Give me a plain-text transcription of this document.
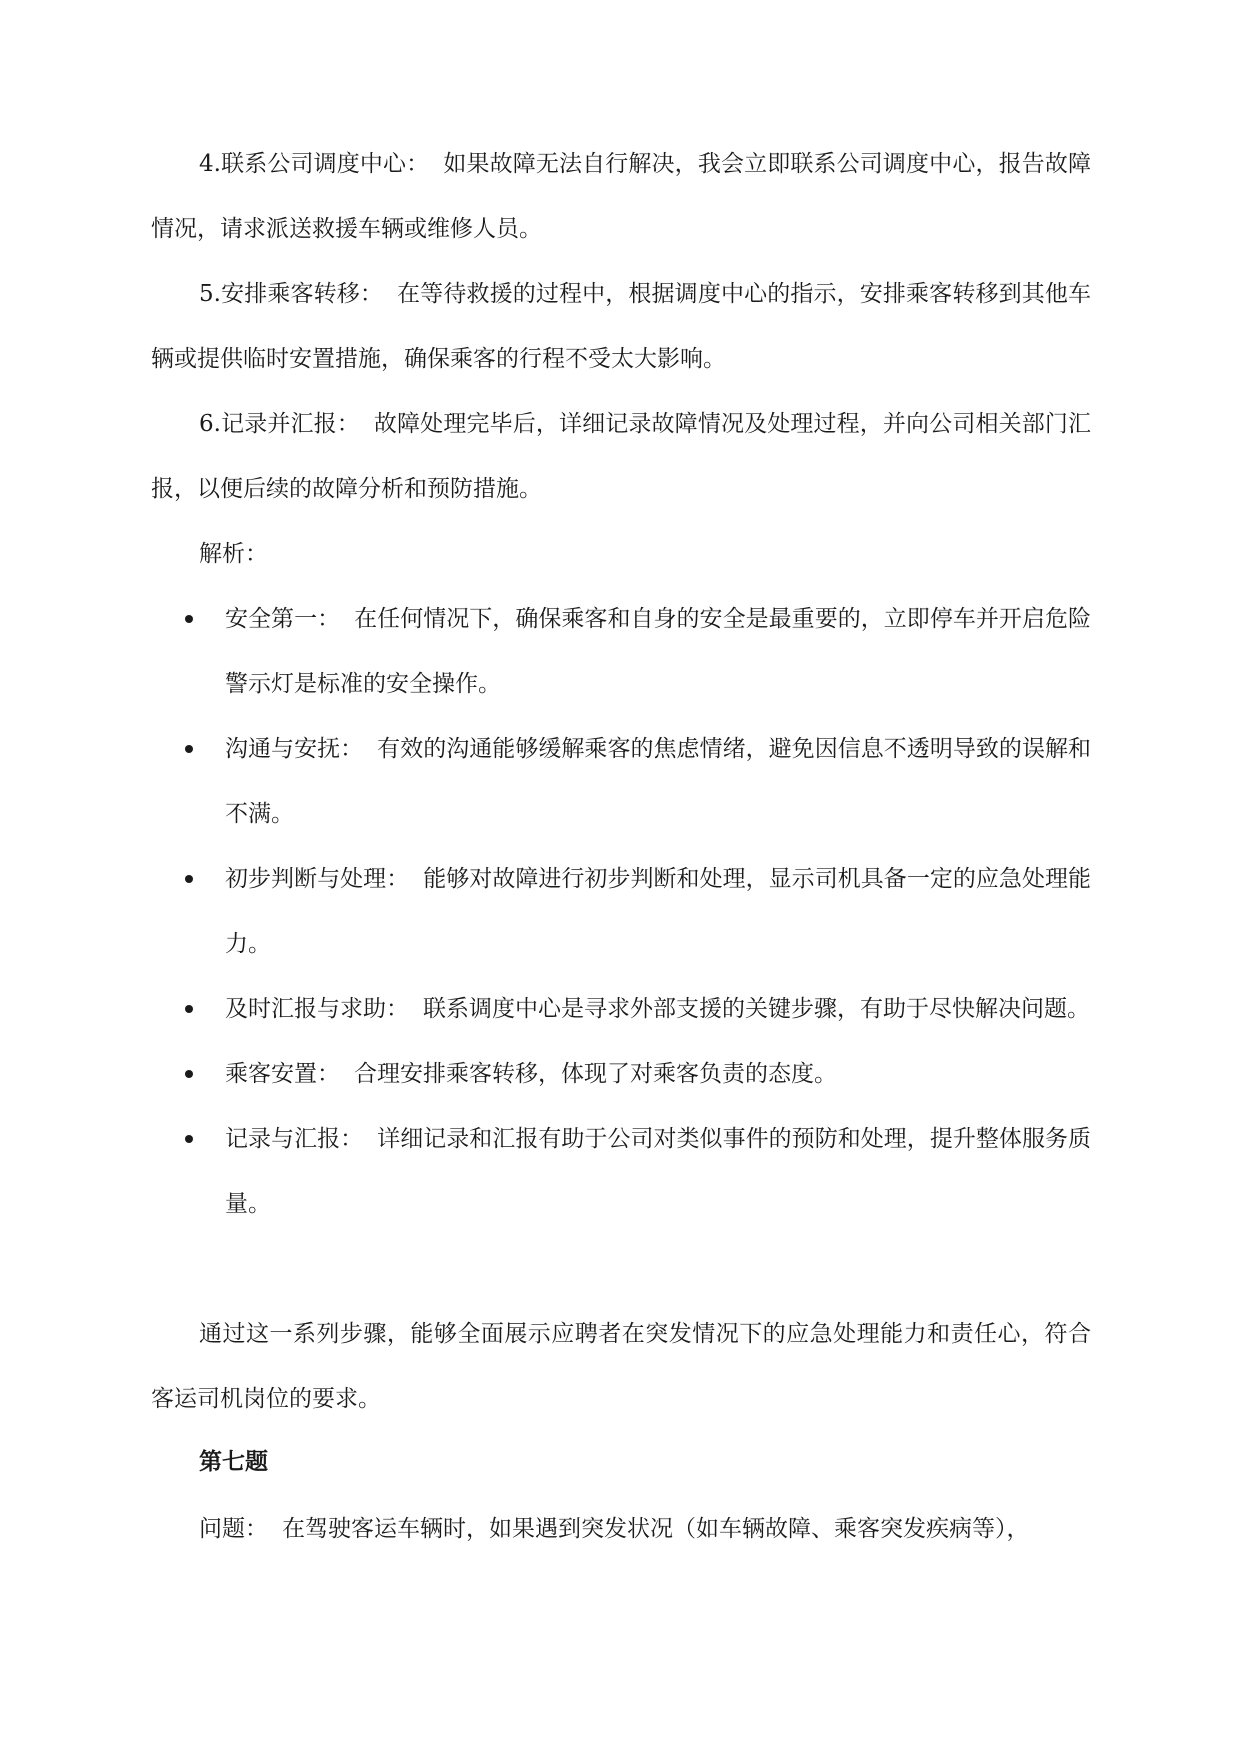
4.联系公司调度中心： 如果故障无法自行解决，我会立即联系公司调度中心，报告故障情况，请求派送救援车辆或维修人员。

5.安排乘客转移： 在等待救援的过程中，根据调度中心的指示，安排乘客转移到其他车辆或提供临时安置措施，确保乘客的行程不受太大影响。

6.记录并汇报： 故障处理完毕后，详细记录故障情况及处理过程，并向公司相关部门汇报，以便后续的故障分析和预防措施。

解析：

安全第一： 在任何情况下，确保乘客和自身的安全是最重要的，立即停车并开启危险警示灯是标准的安全操作。
沟通与安抚： 有效的沟通能够缓解乘客的焦虑情绪，避免因信息不透明导致的误解和不满。
初步判断与处理： 能够对故障进行初步判断和处理，显示司机具备一定的应急处理能力。
及时汇报与求助： 联系调度中心是寻求外部支援的关键步骤，有助于尽快解决问题。
乘客安置： 合理安排乘客转移，体现了对乘客负责的态度。
记录与汇报： 详细记录和汇报有助于公司对类似事件的预防和处理，提升整体服务质量。

通过这一系列步骤，能够全面展示应聘者在突发情况下的应急处理能力和责任心，符合客运司机岗位的要求。

第七题

问题： 在驾驶客运车辆时，如果遇到突发状况（如车辆故障、乘客突发疾病等），
